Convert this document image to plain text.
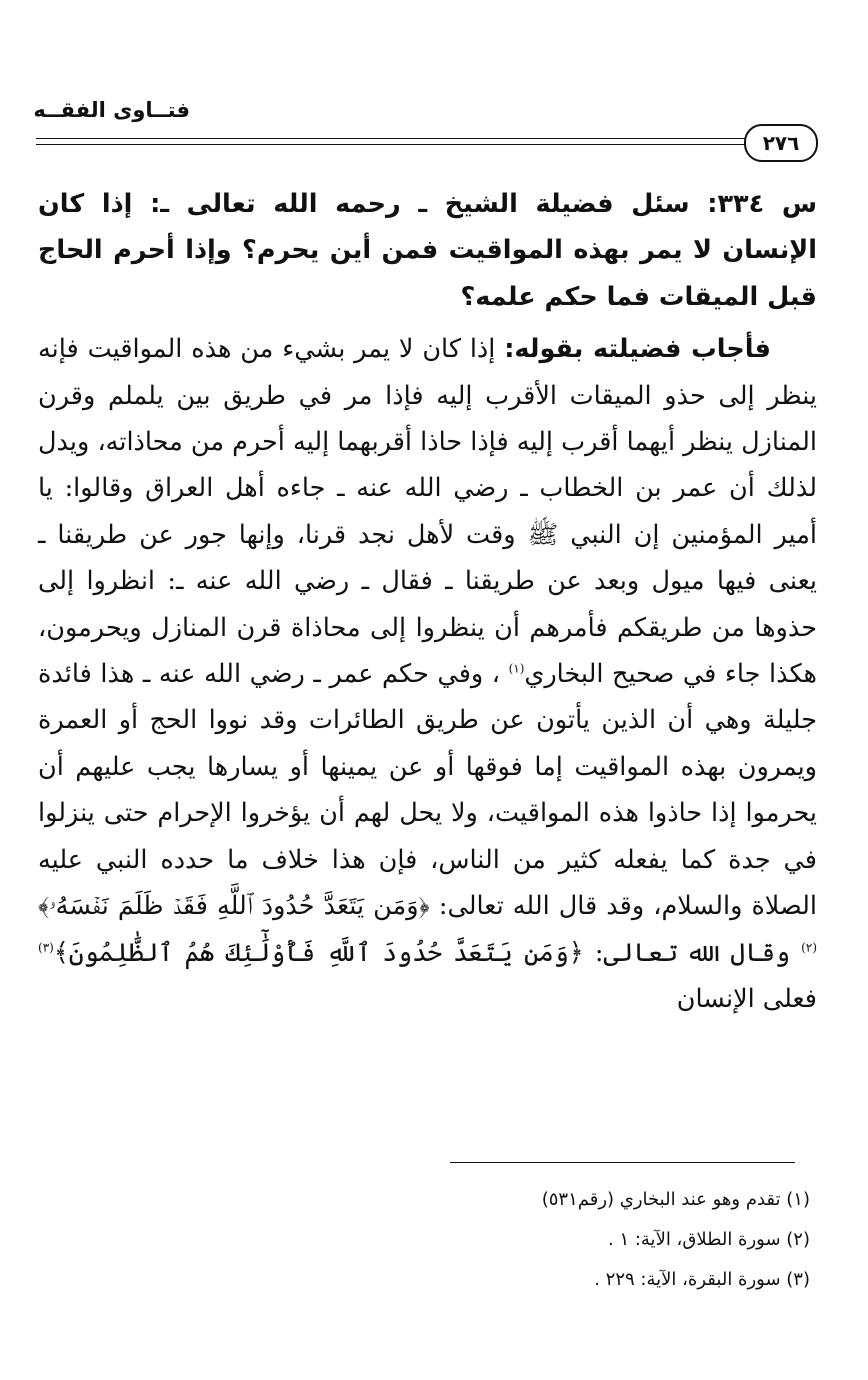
فتــاوى الفقــه
٢٧٦

س ٣٣٤: سئل فضيلة الشيخ ـ رحمه الله تعالى ـ: إذا كان الإنسان لا يمر بهذه المواقيت فمن أين يحرم؟ وإذا أحرم الحاج قبل الميقات فما حكم علمه؟

فأجاب فضيلته بقوله: إذا كان لا يمر بشيء من هذه المواقيت فإنه ينظر إلى حذو الميقات الأقرب إليه فإذا مر في طريق بين يلملم وقرن المنازل ينظر أيهما أقرب إليه فإذا حاذا أقربهما إليه أحرم من محاذاته، ويدل لذلك أن عمر بن الخطاب ـ رضي الله عنه ـ جاءه أهل العراق وقالوا: يا أمير المؤمنين إن النبي ﷺ وقت لأهل نجد قرنا، وإنها جور عن طريقنا ـ يعنى فيها ميول وبعد عن طريقنا ـ فقال ـ رضي الله عنه ـ: انظروا إلى حذوها من طريقكم فأمرهم أن ينظروا إلى محاذاة قرن المنازل ويحرمون، هكذا جاء في صحيح البخاري$^{(١)}$ ، وفي حكم عمر ـ رضي الله عنه ـ هذا فائدة جليلة وهي أن الذين يأتون عن طريق الطائرات وقد نووا الحج أو العمرة ويمرون بهذه المواقيت إما فوقها أو عن يمينها أو يسارها يجب عليهم أن يحرموا إذا حاذوا هذه المواقيت، ولا يحل لهم أن يؤخروا الإحرام حتى ينزلوا في جدة كما يفعله كثير من الناس، فإن هذا خلاف ما حدده النبي عليه الصلاة والسلام، وقد قال الله تعالى: ﴿وَمَن يَتَعَدَّ حُدُودَ ٱللَّهِ فَقَدۡ ظَلَمَ نَفۡسَهُۥ﴾$^{(٢)}$ وقال الله تعالى: ﴿وَمَن يَتَعَدَّ حُدُودَ ٱللَّهِ فَأُوْلَٰٓئِكَ هُمُ ٱلظَّٰلِمُونَ﴾$^{(٣)}$ فعلى الإنسان

(١) تقدم وهو عند البخاري (رقم٥٣١)
(٢) سورة الطلاق، الآية: ١ .
(٣) سورة البقرة، الآية: ٢٢٩ .
